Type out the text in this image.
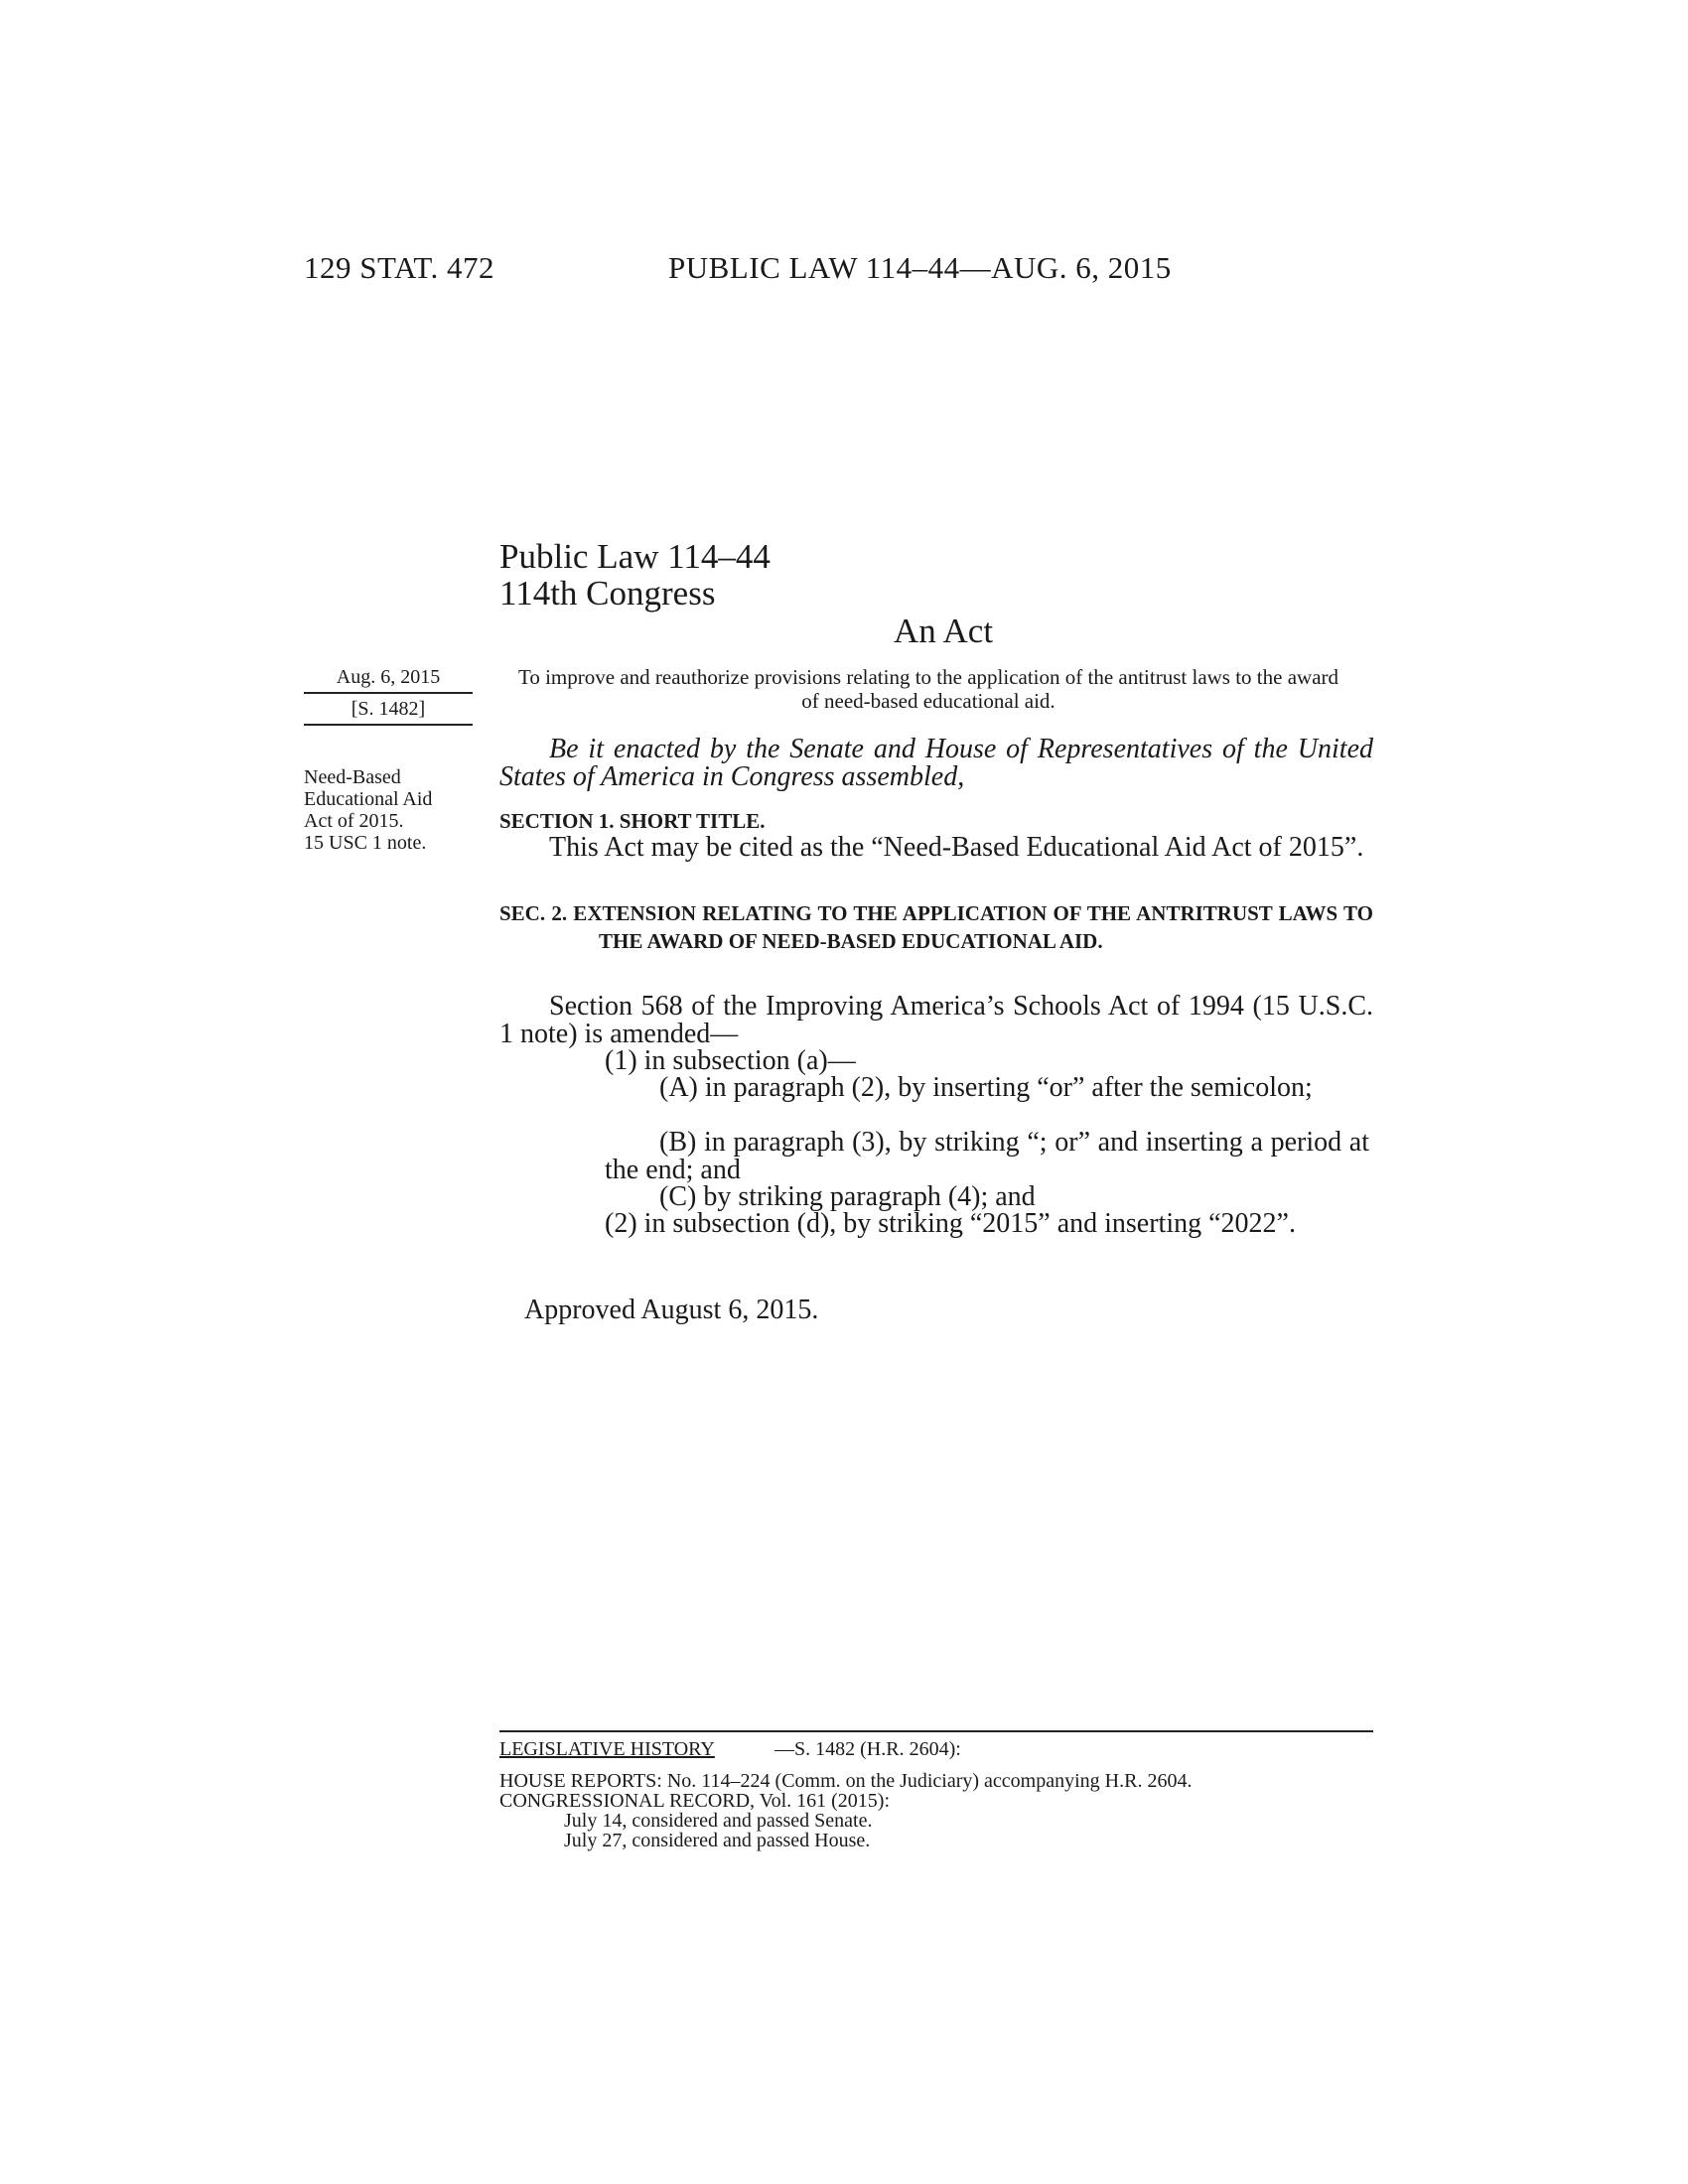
129 STAT. 472	PUBLIC LAW 114–44—AUG. 6, 2015
Public Law 114–44
114th Congress
An Act
Aug. 6, 2015
[S. 1482]
Need-Based
Educational Aid
Act of 2015.
15 USC 1 note.
To improve and reauthorize provisions relating to the application of the antitrust laws to the award of need-based educational aid.
Be it enacted by the Senate and House of Representatives of the United States of America in Congress assembled,
SECTION 1. SHORT TITLE.
This Act may be cited as the “Need-Based Educational Aid Act of 2015”.
SEC. 2. EXTENSION RELATING TO THE APPLICATION OF THE ANTRITRUST LAWS TO THE AWARD OF NEED-BASED EDUCATIONAL AID.
Section 568 of the Improving America’s Schools Act of 1994 (15 U.S.C. 1 note) is amended—
(1) in subsection (a)—
(A) in paragraph (2), by inserting “or” after the semicolon;
(B) in paragraph (3), by striking “; or” and inserting a period at the end; and
(C) by striking paragraph (4); and
(2) in subsection (d), by striking “2015” and inserting “2022”.
Approved August 6, 2015.
LEGISLATIVE HISTORY	—S. 1482 (H.R. 2604):
HOUSE REPORTS: No. 114–224 (Comm. on the Judiciary) accompanying H.R. 2604.
CONGRESSIONAL RECORD, Vol. 161 (2015):
July 14, considered and passed Senate.
July 27, considered and passed House.
